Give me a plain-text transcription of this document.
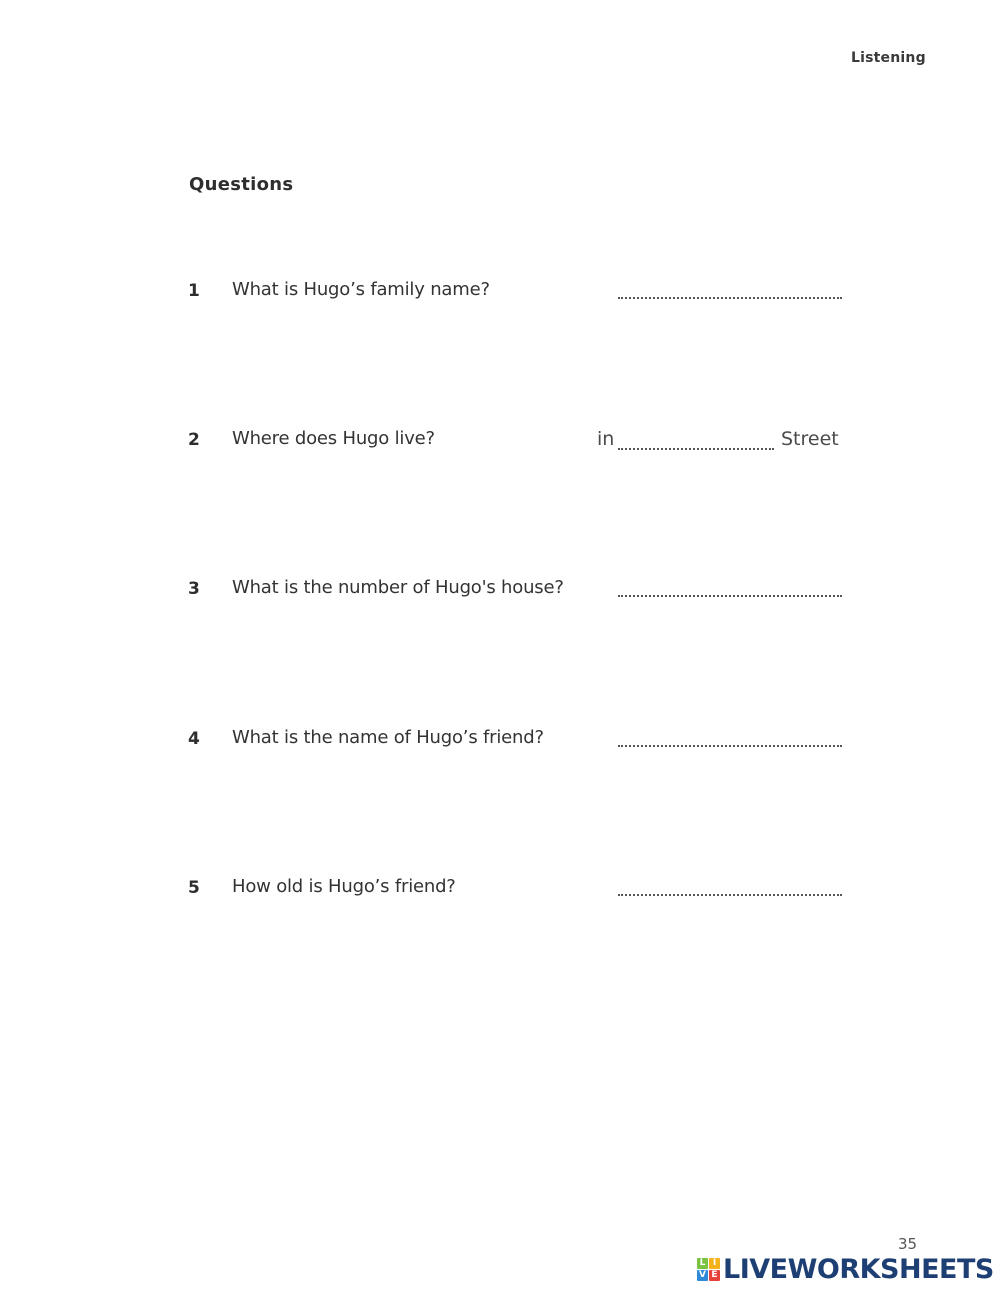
Listening
Questions
1 What is Hugo’s family name?
2 Where does Hugo live?	in	Street
3 What is the number of Hugo's house?
4 What is the name of Hugo’s friend?
5 How old is Hugo’s friend?
35
L I
V E LIVEWORKSHEETS
